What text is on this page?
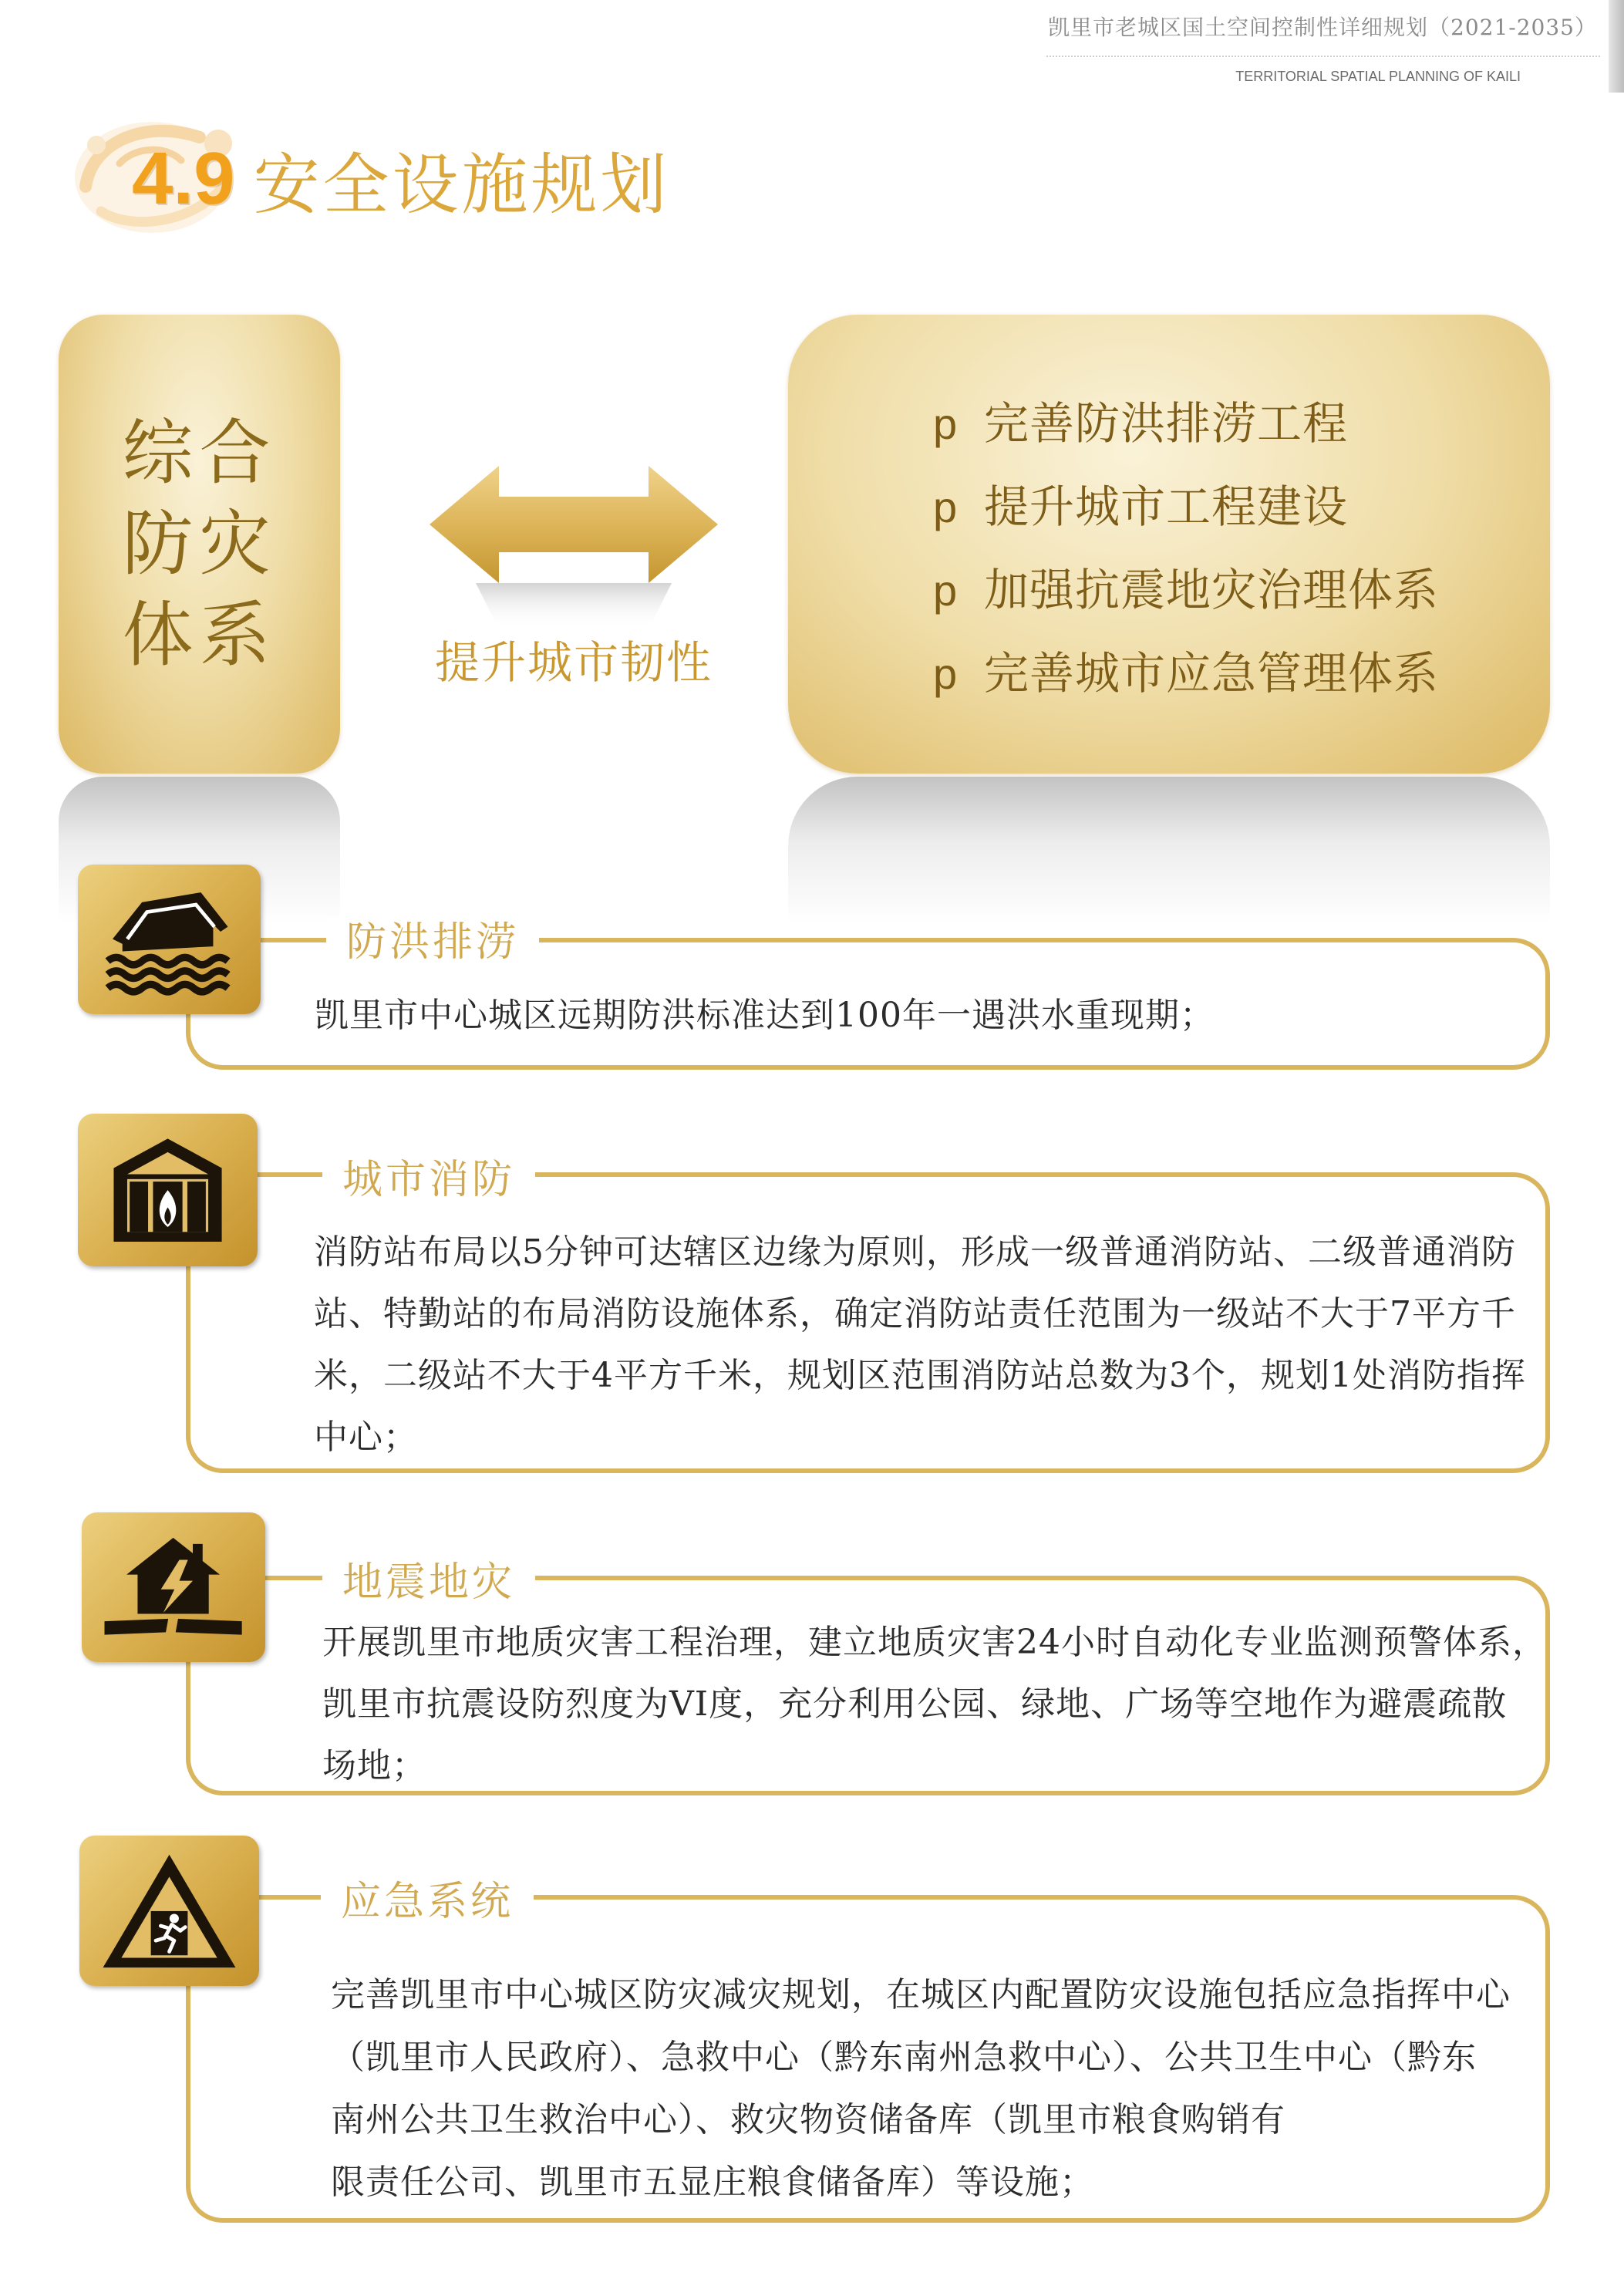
凯里市老城区国土空间控制性详细规划（2021-2035）
TERRITORIAL SPATIAL PLANNING OF KAILI
4.9 安全设施规划
综合
防灾
体系	提升城市韧性
p 完善防洪排涝工程
p 提升城市工程建设
p 加强抗震地灾治理体系
p 完善城市应急管理体系
防洪排涝
凯里市中心城区远期防洪标准达到100年一遇洪水重现期；
城市消防
消防站布局以5分钟可达辖区边缘为原则，形成一级普通消防站、二级普通消防
站、特勤站的布局消防设施体系，确定消防站责任范围为一级站不大于7平方千
米，二级站不大于4平方千米，规划区范围消防站总数为3个，规划1处消防指挥
中心；
地震地灾
开展凯里市地质灾害工程治理，建立地质灾害24小时自动化专业监测预警体系，
凯里市抗震设防烈度为VI度，充分利用公园、绿地、广场等空地作为避震疏散
场地；
应急系统
完善凯里市中心城区防灾减灾规划，在城区内配置防灾设施包括应急指挥中心
（凯里市人民政府）、急救中心（黔东南州急救中心）、公共卫生中心（黔东
南州公共卫生救治中心）、救灾物资储备库（凯里市粮食购销有
限责任公司、凯里市五显庄粮食储备库）等设施；
